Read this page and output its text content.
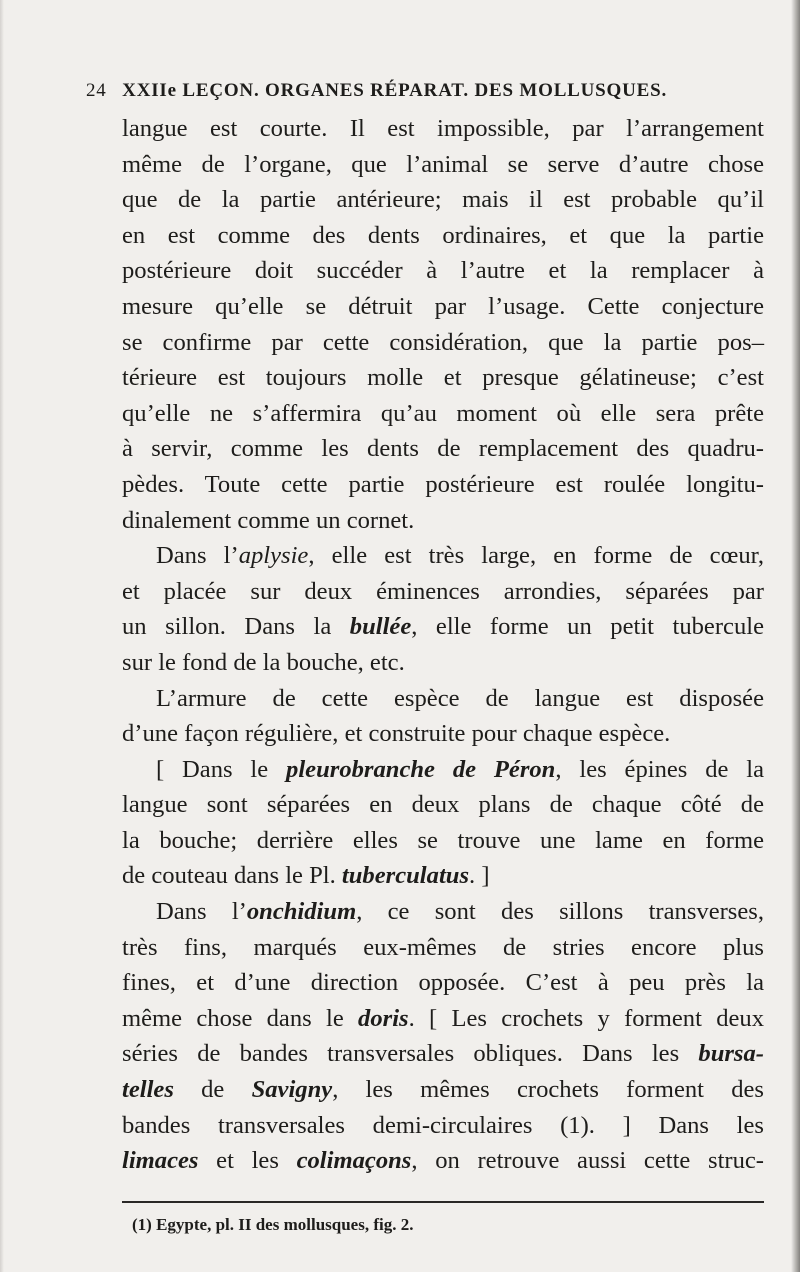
24 XXIIe LEÇON. ORGANES RÉPARAT. DES MOLLUSQUES.
langue est courte. Il est impossible, par l’arrangement
même de l’organe, que l’animal se serve d’autre chose
que de la partie antérieure; mais il est probable qu’il
en est comme des dents ordinaires, et que la partie
postérieure doit succéder à l’autre et la remplacer à
mesure qu’elle se détruit par l’usage. Cette conjecture
se confirme par cette considération, que la partie pos–
térieure est toujours molle et presque gélatineuse; c’est
qu’elle ne s’affermira qu’au moment où elle sera prête
à servir, comme les dents de remplacement des quadru-
pèdes. Toute cette partie postérieure est roulée longitu-
dinalement comme un cornet.
Dans l’aplysie, elle est très large, en forme de cœur,
et placée sur deux éminences arrondies, séparées par
un sillon. Dans la bullée, elle forme un petit tubercule
sur le fond de la bouche, etc.
L’armure de cette espèce de langue est disposée
d’une façon régulière, et construite pour chaque espèce.
[ Dans le pleurobranche de Péron, les épines de la
langue sont séparées en deux plans de chaque côté de
la bouche; derrière elles se trouve une lame en forme
de couteau dans le Pl. tuberculatus. ]
Dans l’onchidium, ce sont des sillons transverses,
très fins, marqués eux-mêmes de stries encore plus
fines, et d’une direction opposée. C’est à peu près la
même chose dans le doris. [ Les crochets y forment deux
séries de bandes transversales obliques. Dans les bursa-
telles de Savigny, les mêmes crochets forment des
bandes transversales demi-circulaires (1). ] Dans les
limaces et les colimaçons, on retrouve aussi cette struc-
(1) Egypte, pl. II des mollusques, fig. 2.
